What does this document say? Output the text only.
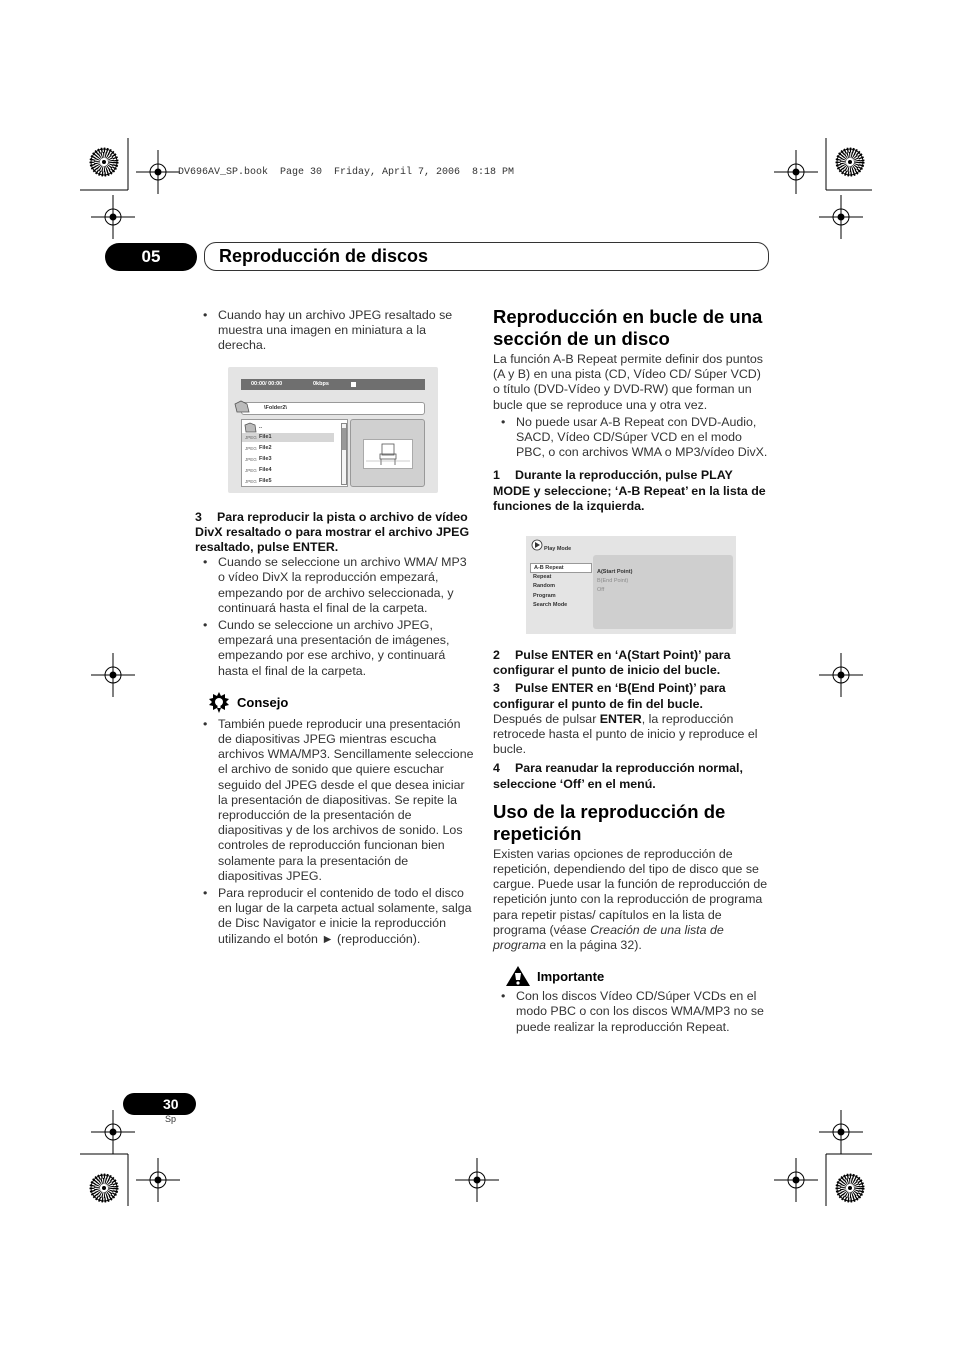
DV696AV_SP.book  Page 30  Friday, April 7, 2006  8:18 PM
05	Reproducción de discos
• Cuando hay un archivo JPEG resaltado se muestra una imagen en miniatura a la derecha.
00:00/ 00:00	0kbps
\Folder2\
..
JPEG File1
JPEG File2
JPEG File3
JPEG File4
JPEG File5
3 Para reproducir la pista o archivo de vídeo DivX resaltado o para mostrar el archivo JPEG resaltado, pulse ENTER.
• Cuando se seleccione un archivo WMA/ MP3 o vídeo DivX la reproducción empezará, empezando por de archivo seleccionada, y continuará hasta el final de la carpeta.
• Cundo se seleccione un archivo JPEG, empezará una presentación de imágenes, empezando por ese archivo, y continuará hasta el final de la carpeta.
Consejo
• También puede reproducir una presentación de diapositivas JPEG mientras escucha archivos WMA/MP3. Sencillamente seleccione el archivo de sonido que quiere escuchar seguido del JPEG desde el que desea iniciar la presentación de diapositivas. Se repite la reproducción de la presentación de diapositivas y de los archivos de sonido. Los controles de reproducción funcionan bien solamente para la presentación de diapositivas JPEG.
• Para reproducir el contenido de todo el disco en lugar de la carpeta actual solamente, salga de Disc Navigator e inicie la reproducción utilizando el botón ► (reproducción).
Reproducción en bucle de una sección de un disco
La función A-B Repeat permite definir dos puntos (A y B) en una pista (CD, Vídeo CD/ Súper VCD) o título (DVD-Vídeo y DVD-RW) que forman un bucle que se reproduce una y otra vez.
• No puede usar A-B Repeat con DVD-Audio, SACD, Vídeo CD/Súper VCD en el modo PBC, o con archivos WMA o MP3/vídeo DivX.
1 Durante la reproducción, pulse PLAY MODE y seleccione; ‘A-B Repeat’ en la lista de funciones de la izquierda.
Play Mode
A-B Repeat
Repeat
Random
Program
Search Mode
A(Start Point)
B(End Point)
Off
2 Pulse ENTER en ‘A(Start Point)’ para configurar el punto de inicio del bucle.
3 Pulse ENTER en ‘B(End Point)’ para configurar el punto de fin del bucle.
Después de pulsar ENTER, la reproducción retrocede hasta el punto de inicio y reproduce el bucle.
4 Para reanudar la reproducción normal, seleccione ‘Off’ en el menú.
Uso de la reproducción de repetición
Existen varias opciones de reproducción de repetición, dependiendo del tipo de disco que se cargue. Puede usar la función de reproducción de repetición junto con la reproducción de programa para repetir pistas/ capítulos en la lista de programa (véase Creación de una lista de programa en la página 32).
Importante
• Con los discos Vídeo CD/Súper VCDs en el modo PBC o con los discos WMA/MP3 no se puede realizar la reproducción Repeat.
30
Sp
